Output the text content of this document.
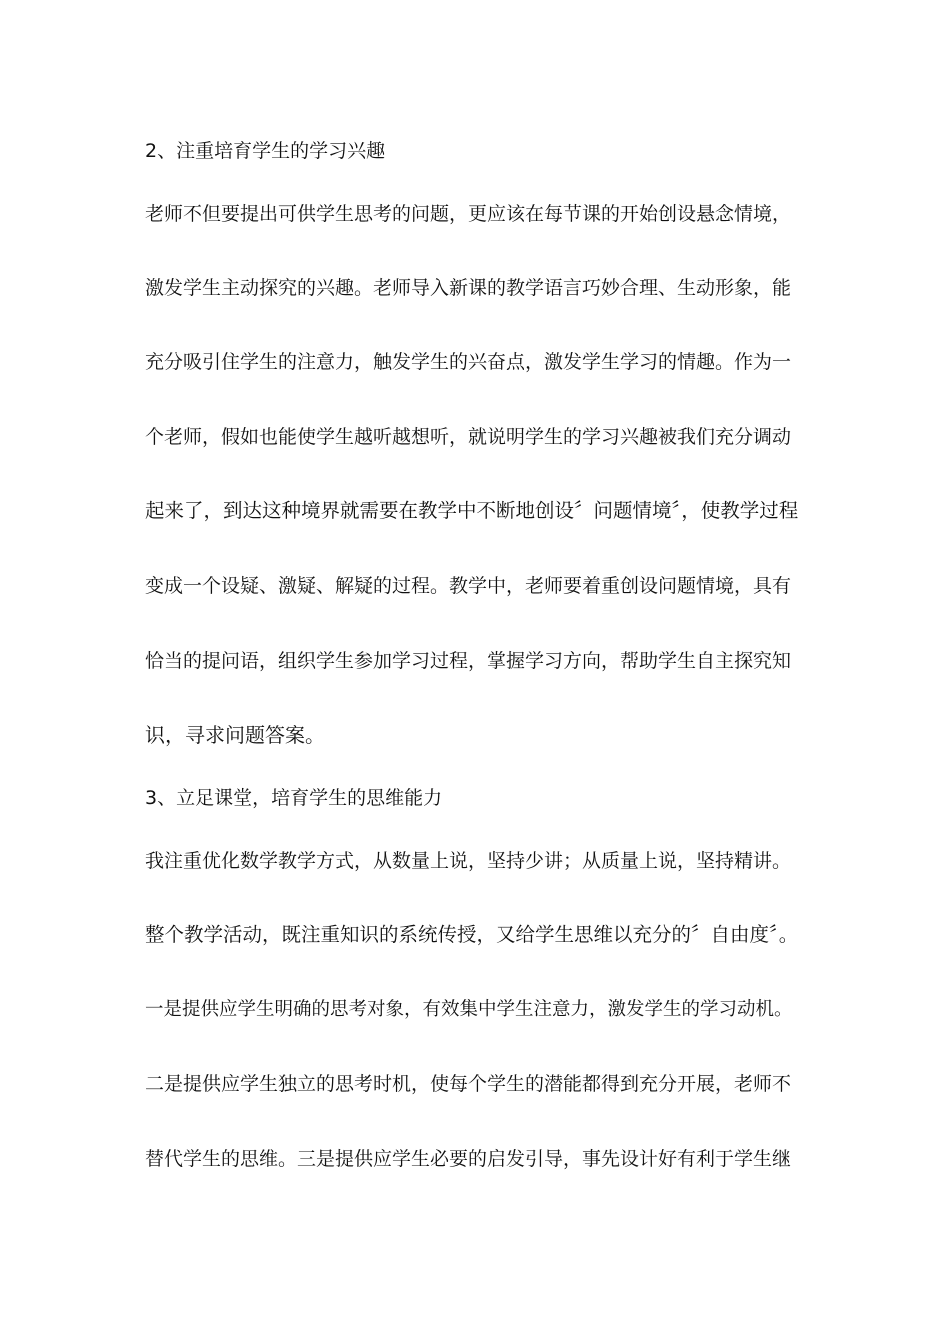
2、注重培育学生的学习兴趣
老师不但要提出可供学生思考的问题，更应该在每节课的开始创设悬念情境，
激发学生主动探究的兴趣。老师导入新课的教学语言巧妙合理、生动形象，能
充分吸引住学生的注意力，触发学生的兴奋点，激发学生学习的情趣。作为一
个老师，假如也能使学生越听越想听，就说明学生的学习兴趣被我们充分调动
起来了，到达这种境界就需要在教学中不断地创设〞问题情境〞，使教学过程
变成一个设疑、激疑、解疑的过程。教学中，老师要着重创设问题情境，具有
恰当的提问语，组织学生参加学习过程，掌握学习方向，帮助学生自主探究知
识，寻求问题答案。
3、立足课堂，培育学生的思维能力
我注重优化数学教学方式，从数量上说，坚持少讲；从质量上说，坚持精讲。
整个教学活动，既注重知识的系统传授，又给学生思维以充分的〞自由度〞。
一是提供应学生明确的思考对象，有效集中学生注意力，激发学生的学习动机。
二是提供应学生独立的思考时机，使每个学生的潜能都得到充分开展，老师不
替代学生的思维。三是提供应学生必要的启发引导，事先设计好有利于学生继
